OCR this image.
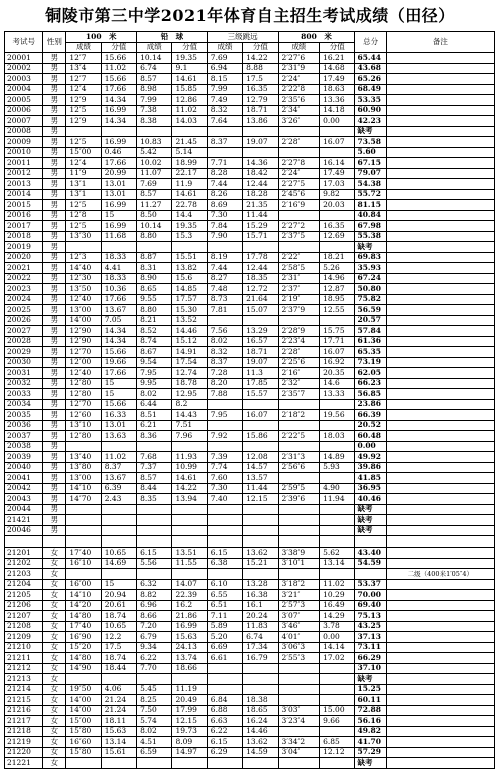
铜陵市第三中学2021年体育自主招生考试成绩（田径）
考试号	性别	100　米		铅　球		三级跳远		800　米		总分	备注
		成绩	分值	成绩	分值	成绩	分值	成绩	分值		
20001	男	12″7	15.66	10.14	19.35	7.69	14.22	2′27″6	16.21	65.44	
20002	男	13″4	11.02	6.74	9.1	6.94	8.88	2′31″9	14.68	43.68	
20003	男	12″7	15.66	8.57	14.61	8.15	17.5	2′24″	17.49	65.26	
20004	男	12″4	17.66	8.98	15.85	7.99	16.35	2′22″8	18.63	68.49	
20005	男	12″9	14.34	7.99	12.86	7.49	12.79	2′35″6	13.36	53.35	
20006	男	12″5	16.99	7.38	11.02	8.32	18.71	2′34″	14.18	60.90	
20007	男	12″9	14.34	8.38	14.03	7.64	13.86	3′26″	0.00	42.23	
20008	男									缺考	
20009	男	12″5	16.99	10.83	21.45	8.37	19.07	2′28″	16.07	73.58	
20010	男	15″00	0.46	5.42	5.14					5.60	
20011	男	12″4	17.66	10.02	18.99	7.71	14.36	2′27″8	16.14	67.15	
20012	男	11″9	20.99	11.07	22.17	8.28	18.42	2′24″	17.49	79.07	
20013	男	13″1	13.01	7.69	11.9	7.44	12.44	2′27″5	17.03	54.38	
20014	男	13″1	13.01	8.57	14.61	8.26	18.28	2′45″6	9.82	55.72	
20015	男	12″5	16.99	11.27	22.78	8.69	21.35	2′16″9	20.03	81.15	
20016	男	12″8	15	8.50	14.4	7.30	11.44			40.84	
20017	男	12″5	16.99	10.14	19.35	7.84	15.29	2′27″2	16.35	67.98	
20018	男	13″30	11.68	8.80	15.3	7.90	15.71	2′37″5	12.69	55.38	
20019	男									缺考	
20020	男	12″3	18.33	8.87	15.51	8.19	17.78	2′22″	18.21	69.83	
20021	男	14″40	4.41	8.31	13.82	7.44	12.44	2′58″5	5.26	35.93	
20022	男	12″30	18.33	8.90	15.6	8.27	18.35	2′31″	14.96	67.24	
20023	男	13″50	10.36	8.65	14.85	7.48	12.72	2′37″	12.87	50.80	
20024	男	12″40	17.66	9.55	17.57	8.73	21.64	2′19″	18.95	75.82	
20025	男	13″00	13.67	8.80	15.30	7.81	15.07	2′37″9	12.55	56.59	
20026	男	14″00	7.05	8.21	13.52					20.57	
20027	男	12″90	14.34	8.52	14.46	7.56	13.29	2′28″9	15.75	57.84	
20028	男	12″90	14.34	8.74	15.12	8.02	16.57	2′23″4	17.71	61.36	
20029	男	12″70	15.66	8.67	14.91	8.32	18.71	2′28″	16.07	65.35	
20030	男	12″00	19.66	9.54	17.54	8.37	19.07	2′25″6	16.92	73.19	
20031	男	12″40	17.66	7.95	12.74	7.28	11.3	2′16″	20.35	62.05	
20032	男	12″80	15	9.95	18.78	8.20	17.85	2′32″	14.6	66.23	
20033	男	12″80	15	8.02	12.95	7.88	15.57	2′35″7	13.33	56.85	
20034	男	12″70	15.66	6.44	8.2					23.86	
20035	男	12″60	16.33	8.51	14.43	7.95	16.07	2′18″2	19.56	66.39	
20036	男	13″10	13.01	6.21	7.51					20.52	
20037	男	12″80	13.63	8.36	7.96	7.92	15.86	2′22″5	18.03	60.48	
20038	男									0.00	
20039	男	13″40	11.02	7.68	11.93	7.39	12.08	2′31″3	14.89	49.92	
20040	男	13″80	8.37	7.37	10.99	7.74	14.57	2′56″6	5.93	39.86	
20041	男	13″00	13.67	8.57	14.61	7.60	13.57			41.85	
20042	男	14″10	6.39	8.44	14.22	7.30	11.44	2′59″5	4.90	36.95	
20043	男	14″70	2.43	8.35	13.94	7.40	12.15	2′39″6	11.94	40.46	
20044	男									缺考	
21421	男									缺考	
20046	男									缺考	

21201	女	17″40	10.65	6.15	13.51	6.15	13.62	3′38″9	5.62	43.40	
21202	女	16″10	14.69	5.56	11.55	6.38	15.21	3′10″1	13.14	54.59	
21203	女										二级（400米1′05″4）
21204	女	16″00	15	6.32	14.07	6.10	13.28	3′18″2	11.02	53.37	
21205	女	14″10	20.94	8.82	22.39	6.55	16.38	3′21″	10.29	70.00	
21206	女	14″20	20.61	6.96	16.2	6.51	16.1	2′57″3	16.49	69.40	
21207	女	14″80	18.74	8.66	21.86	7.11	20.24	3′07″	14.29	75.13	
21208	女	17″40	10.65	7.20	16.99	5.89	11.83	3′46″	3.78	43.25	
21209	女	16″90	12.2	6.79	15.63	5.20	6.74	4′01″	0.00	37.13	
21210	女	15″20	17.5	9.34	24.13	6.69	17.34	3′06″3	14.14	73.11	
21211	女	14″80	18.74	6.22	13.74	6.61	16.79	2′55″3	17.02	66.29	
21212	女	14″90	18.44	7.70	18.66					37.10	
21213	女									缺考	
21214	女	19″50	4.06	5.45	11.19					15.25	
21215	女	14″00	21.24	8.25	20.49	6.84	18.38			60.11	
21216	女	14″00	21.24	7.50	17.99	6.88	18.65	3′03″	15.00	72.88	
21217	女	15″00	18.11	5.74	12.15	6.63	16.24	3′23″4	9.66	56.16	
21218	女	15″80	15.63	8.02	19.73	6.22	14.46			49.82	
21219	女	16″60	13.14	4.51	8.09	6.15	13.62	3′34″2	6.85	41.70	
21220	女	15″80	15.61	6.59	14.97	6.29	14.59	3′04″	12.12	57.29	
21221	女									缺考	
